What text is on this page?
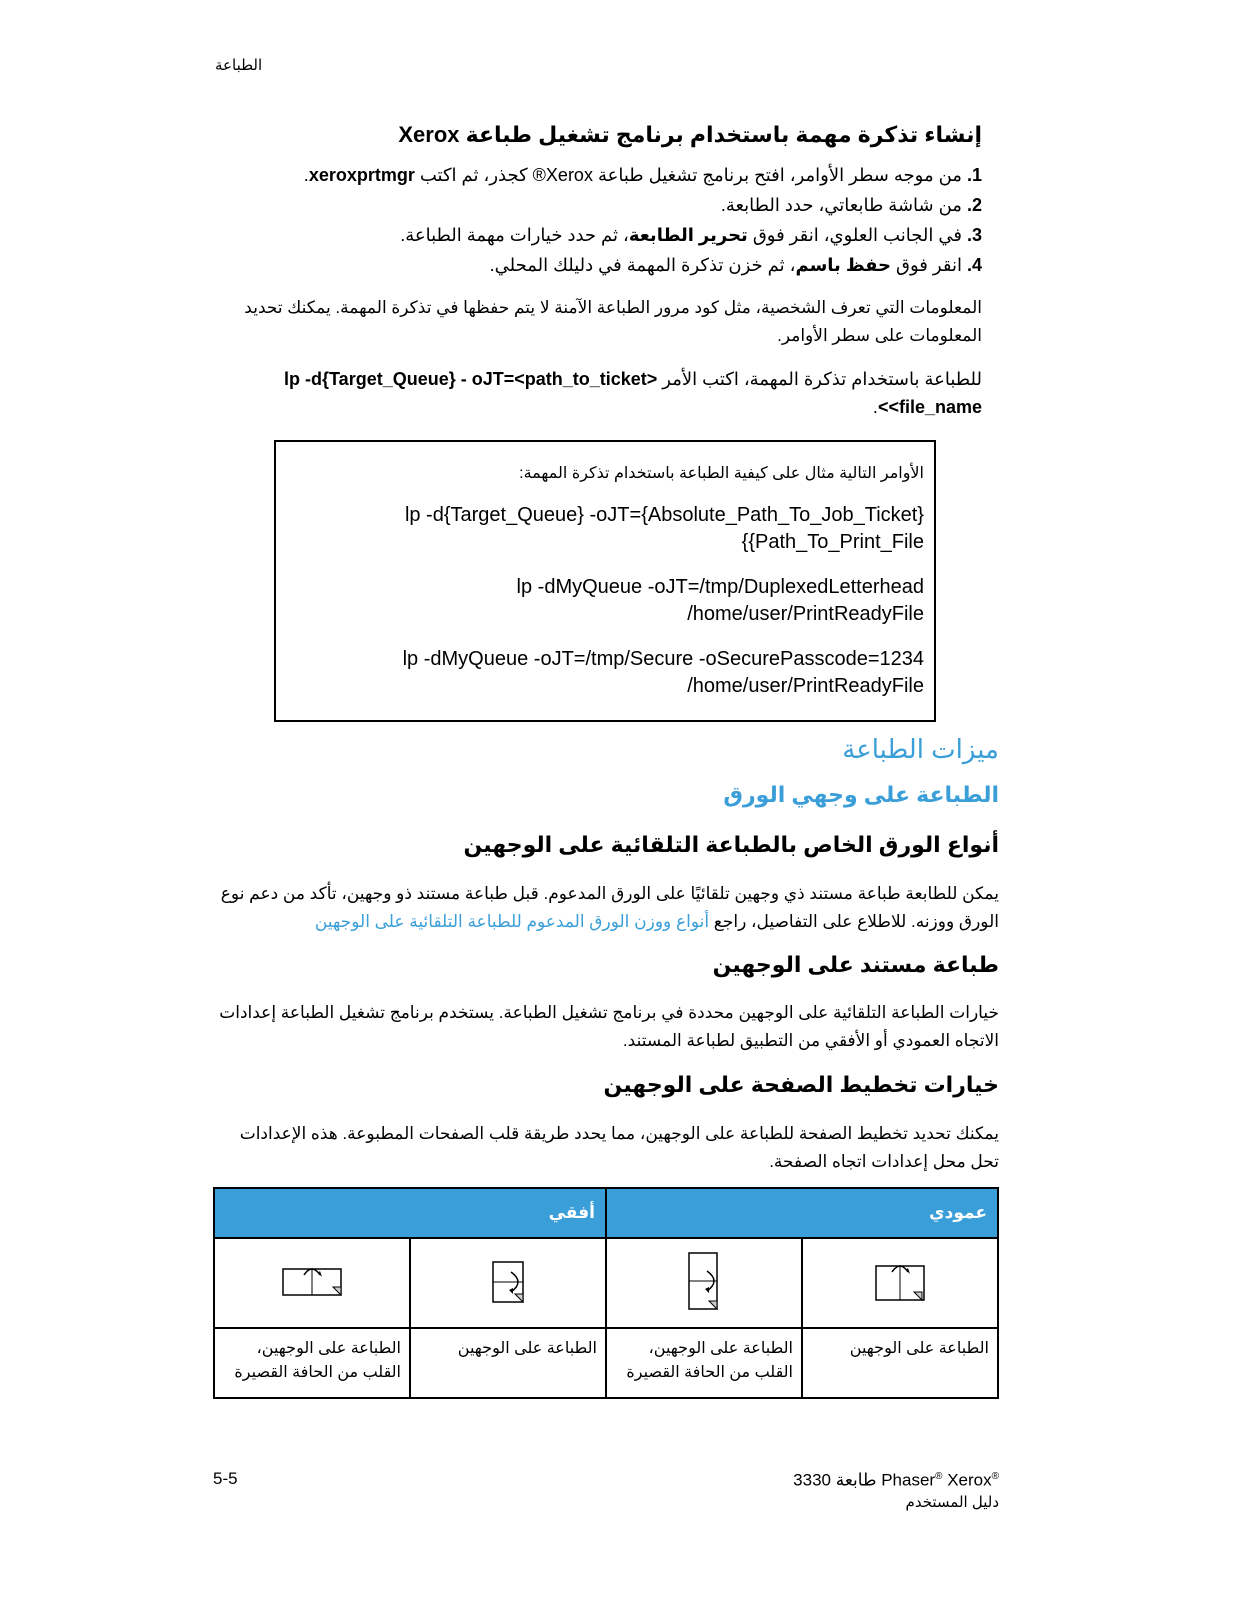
الطباعة
إنشاء تذكرة مهمة باستخدام برنامج تشغيل طباعة Xerox
1. من موجه سطر الأوامر، افتح برنامج تشغيل طباعة Xerox® كجذر، ثم اكتب xeroxprtmgr.
2. من شاشة طابعاتي، حدد الطابعة.
3. في الجانب العلوي، انقر فوق تحرير الطابعة، ثم حدد خيارات مهمة الطباعة.
4. انقر فوق حفظ باسم، ثم خزن تذكرة المهمة في دليلك المحلي.
المعلومات التي تعرف الشخصية، مثل كود مرور الطباعة الآمنة لا يتم حفظها في تذكرة المهمة. يمكنك تحديد المعلومات على سطر الأوامر.
للطباعة باستخدام تذكرة المهمة، اكتب الأمر lp -d{Target_Queue} - oJT=<path_to_ticket> <<file_name.
الأوامر التالية مثال على كيفية الطباعة باستخدام تذكرة المهمة:
lp -d{Target_Queue} -oJT={Absolute_Path_To_Job_Ticket}
{{Path_To_Print_File
lp -dMyQueue -oJT=/tmp/DuplexedLetterhead
/home/user/PrintReadyFile
lp -dMyQueue -oJT=/tmp/Secure -oSecurePasscode=1234
/home/user/PrintReadyFile
ميزات الطباعة
الطباعة على وجهي الورق
أنواع الورق الخاص بالطباعة التلقائية على الوجهين
يمكن للطابعة طباعة مستند ذي وجهين تلقائيًا على الورق المدعوم. قبل طباعة مستند ذو وجهين، تأكد من دعم نوع الورق ووزنه. للاطلاع على التفاصيل، راجع أنواع ووزن الورق المدعوم للطباعة التلقائية على الوجهين
طباعة مستند على الوجهين
خيارات الطباعة التلقائية على الوجهين محددة في برنامج تشغيل الطباعة. يستخدم برنامج تشغيل الطباعة إعدادات الاتجاه العمودي أو الأفقي من التطبيق لطباعة المستند.
خيارات تخطيط الصفحة على الوجهين
يمكنك تحديد تخطيط الصفحة للطباعة على الوجهين، مما يحدد طريقة قلب الصفحات المطبوعة. هذه الإعدادات تحل محل إعدادات اتجاه الصفحة.
عمودي		أفقي	

الطباعة على الوجهين	الطباعة على الوجهين، القلب من الحافة القصيرة	الطباعة على الوجهين	الطباعة على الوجهين، القلب من الحافة القصيرة
5-5	طابعة 3330 Phaser® Xerox®
دليل المستخدم
